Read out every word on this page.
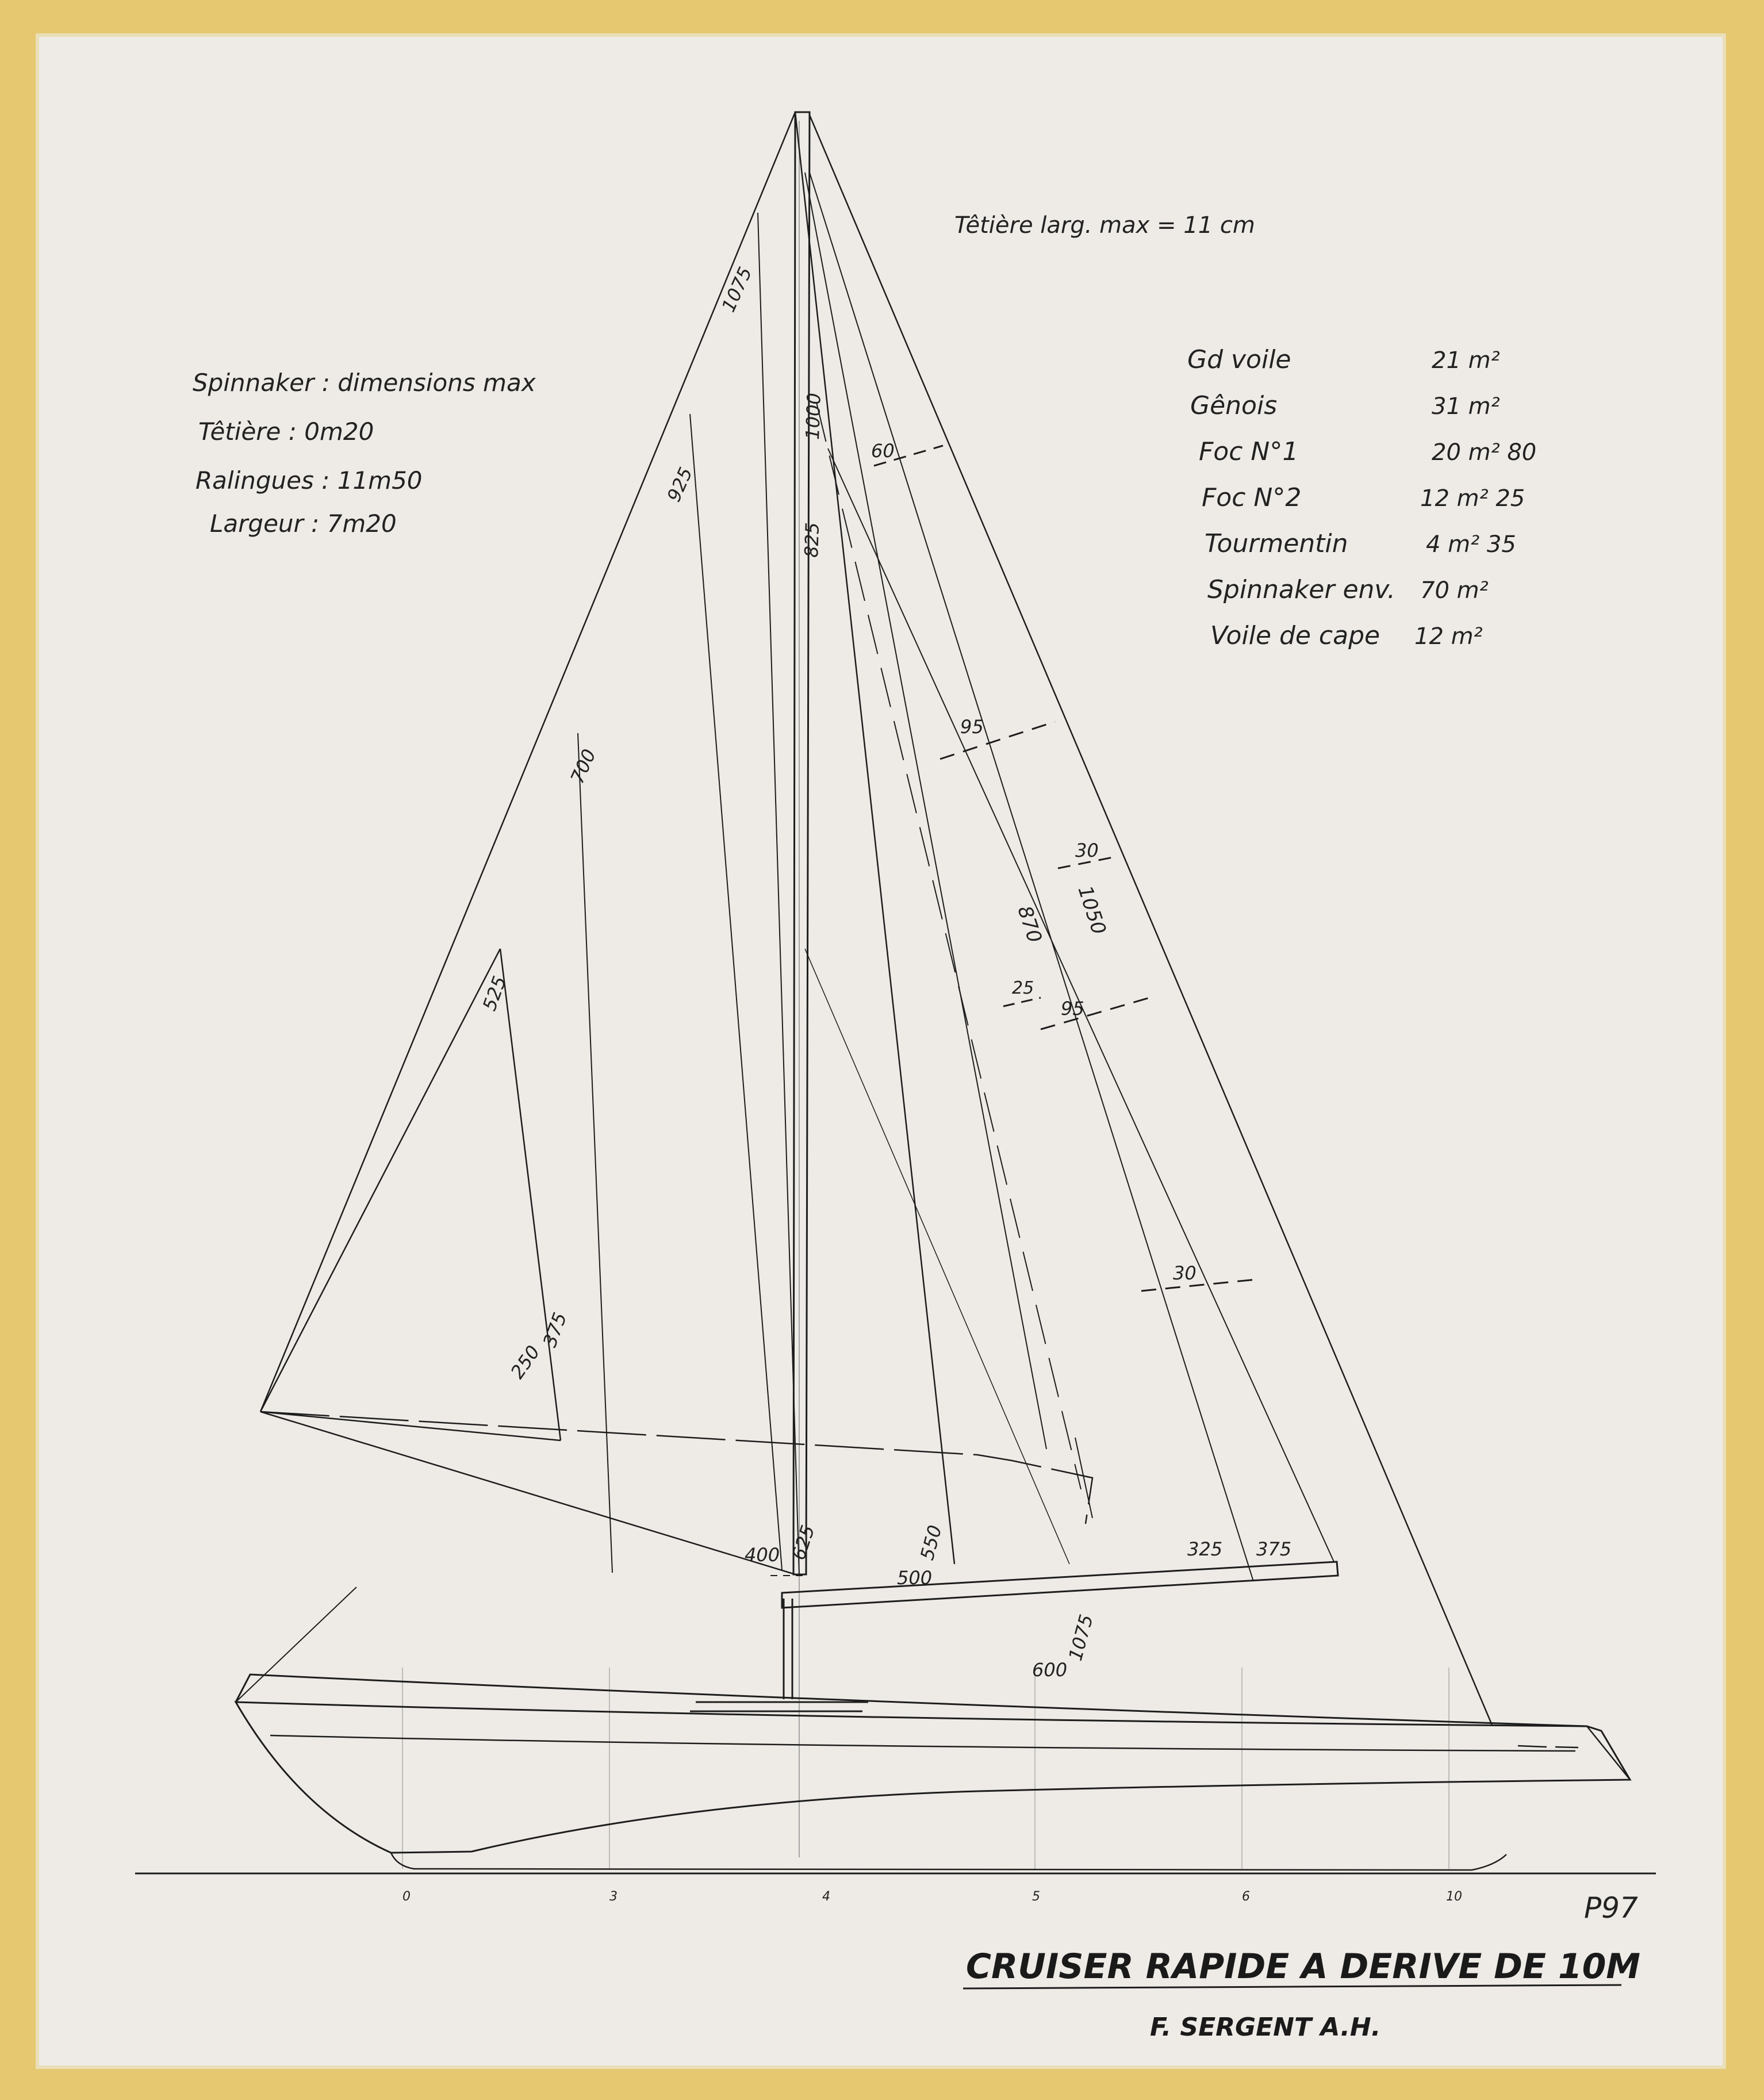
1075
1000
925
825
700
525
375
250
400 625
500
550	325 375
600
1075
60
95
30
870 1050
25
95
30
0	3	4	5	6	10
Têtière larg. max = 11 cm
Spinnaker : dimensions max
Têtière : 0m20
Ralingues : 11m50
Largeur : 7m20
Gd voile	21 m²
Gênois	31 m²
Foc N°1	20 m² 80
Foc N°2	12 m² 25
Tourmentin	4 m² 35
Spinnaker env. 70 m²
Voile de cape 12 m²
P97
CRUISER RAPIDE A DERIVE DE 10M
F. SERGENT A.H.
